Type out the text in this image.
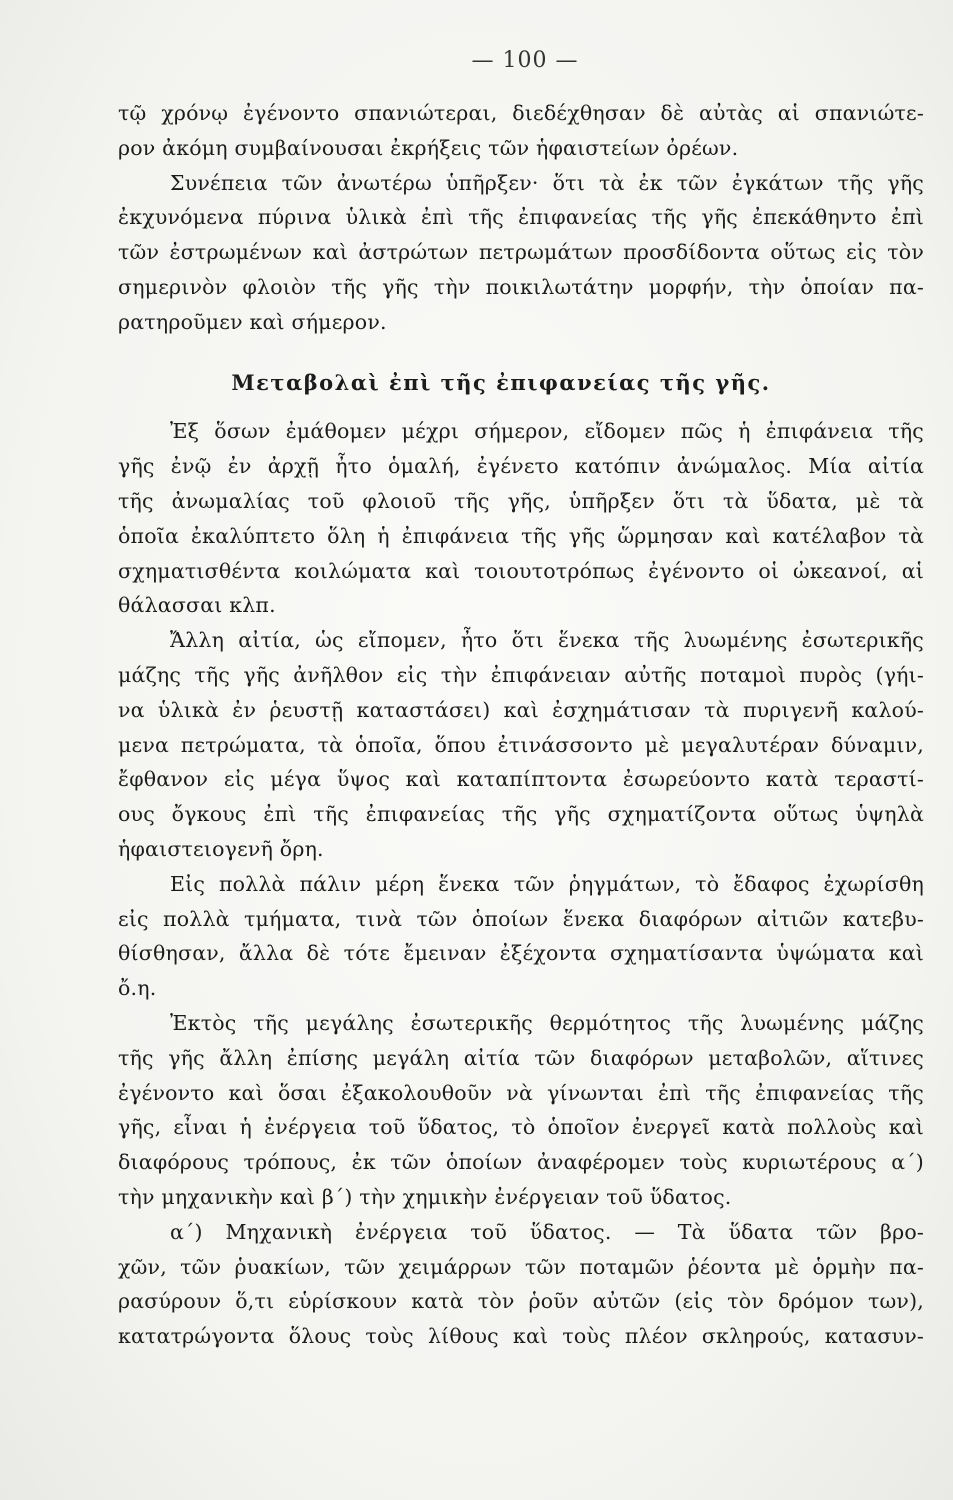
— 100 —
τῷ χρόνῳ ἐγένοντο σπανιώτεραι, διεδέχθησαν δὲ αὐτὰς αἱ σπανιώτε-
ρον ἀκόμη συμβαίνουσαι ἐκρήξεις τῶν ἡφαιστείων ὀρέων.
Συνέπεια τῶν ἀνωτέρω ὑπῆρξεν· ὅτι τὰ ἐκ τῶν ἐγκάτων τῆς γῆς
ἐκχυνόμενα πύρινα ὑλικὰ ἐπὶ τῆς ἐπιφανείας τῆς γῆς ἐπεκάθηντο ἐπὶ
τῶν ἐστρωμένων καὶ ἀστρώτων πετρωμάτων προσδίδοντα οὕτως εἰς τὸν
σημερινὸν φλοιὸν τῆς γῆς τὴν ποικιλωτάτην μορφήν, τὴν ὁποίαν πα-
ρατηροῦμεν καὶ σήμερον.
Μεταβολαὶ ἐπὶ τῆς ἐπιφανείας τῆς γῆς.
Ἐξ ὅσων ἐμάθομεν μέχρι σήμερον, εἴδομεν πῶς ἡ ἐπιφάνεια τῆς
γῆς ἐνῷ ἐν ἀρχῇ ἦτο ὁμαλή, ἐγένετο κατόπιν ἀνώμαλος. Μία αἰτία
τῆς ἀνωμαλίας τοῦ φλοιοῦ τῆς γῆς, ὑπῆρξεν ὅτι τὰ ὕδατα, μὲ τὰ
ὁποῖα ἐκαλύπτετο ὅλη ἡ ἐπιφάνεια τῆς γῆς ὥρμησαν καὶ κατέλαβον τὰ
σχηματισθέντα κοιλώματα καὶ τοιουτοτρόπως ἐγένοντο οἱ ὠκεανοί, αἱ
θάλασσαι κλπ.
Ἄλλη αἰτία, ὡς εἴπομεν, ἦτο ὅτι ἕνεκα τῆς λυωμένης ἐσωτερικῆς
μάζης τῆς γῆς ἀνῆλθον εἰς τὴν ἐπιφάνειαν αὐτῆς ποταμοὶ πυρὸς (γήι-
να ὑλικὰ ἐν ῥευστῇ καταστάσει) καὶ ἐσχημάτισαν τὰ πυριγενῆ καλού-
μενα πετρώματα, τὰ ὁποῖα, ὅπου ἐτινάσσοντο μὲ μεγαλυτέραν δύναμιν,
ἔφθανον εἰς μέγα ὕψος καὶ καταπίπτοντα ἐσωρεύοντο κατὰ τεραστί-
ους ὄγκους ἐπὶ τῆς ἐπιφανείας τῆς γῆς σχηματίζοντα οὕτως ὑψηλὰ
ἡφαιστειογενῆ ὄρη.
Εἰς πολλὰ πάλιν μέρη ἕνεκα τῶν ῥηγμάτων, τὸ ἔδαφος ἐχωρίσθη
εἰς πολλὰ τμήματα, τινὰ τῶν ὁποίων ἕνεκα διαφόρων αἰτιῶν κατεβυ-
θίσθησαν, ἄλλα δὲ τότε ἔμειναν ἐξέχοντα σχηματίσαντα ὑψώματα καὶ
ὄ.η.
Ἐκτὸς τῆς μεγάλης ἐσωτερικῆς θερμότητος τῆς λυωμένης μάζης
τῆς γῆς ἄλλη ἐπίσης μεγάλη αἰτία τῶν διαφόρων μεταβολῶν, αἵτινες
ἐγένοντο καὶ ὅσαι ἐξακολουθοῦν νὰ γίνωνται ἐπὶ τῆς ἐπιφανείας τῆς
γῆς, εἶναι ἡ ἐνέργεια τοῦ ὕδατος, τὸ ὁποῖον ἐνεργεῖ κατὰ πολλοὺς καὶ
διαφόρους τρόπους, ἐκ τῶν ὁποίων ἀναφέρομεν τοὺς κυριωτέρους α΄)
τὴν μηχανικὴν καὶ β΄) τὴν χημικὴν ἐνέργειαν τοῦ ὕδατος.
α΄) Μηχανικὴ ἐνέργεια τοῦ ὕδατος. — Τὰ ὕδατα τῶν βρο-
χῶν, τῶν ῥυακίων, τῶν χειμάρρων τῶν ποταμῶν ῥέοντα μὲ ὁρμὴν πα-
ρασύρουν ὅ,τι εὑρίσκουν κατὰ τὸν ῥοῦν αὐτῶν (εἰς τὸν δρόμον των),
κατατρώγοντα ὅλους τοὺς λίθους καὶ τοὺς πλέον σκληρούς, κατασυν-
